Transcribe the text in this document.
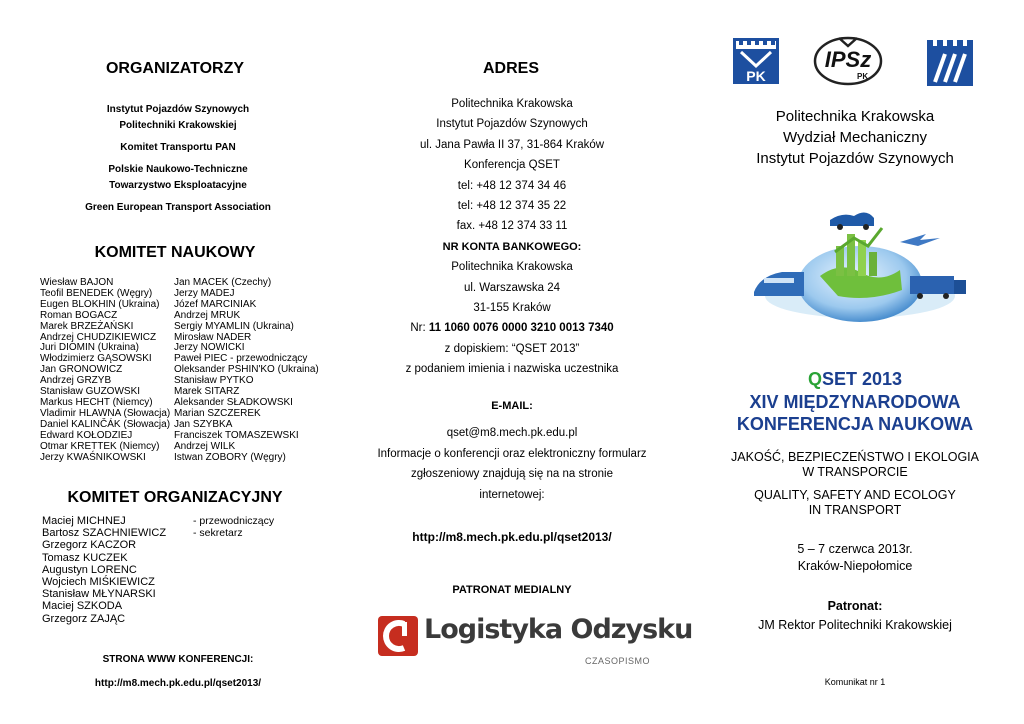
ORGANIZATORZY
Instytut Pojazdów Szynowych
Politechniki Krakowskiej
Komitet Transportu PAN
Polskie Naukowo-Techniczne
Towarzystwo Eksploatacyjne
Green European Transport Association
KOMITET NAUKOWY
Wiesław BAJON
Teofil BENEDEK (Węgry)
Eugen BLOKHIN (Ukraina)
Roman BOGACZ
Marek BRZEŻAŃSKI
Andrzej CHUDZIKIEWICZ
Juri DIOMIN (Ukraina)
Włodzimierz GĄSOWSKI
Jan GRONOWICZ
Andrzej GRZYB
Stanisław GUZOWSKI
Markus HECHT (Niemcy)
Vladimir HLAWNA (Słowacja)
Daniel KALINČÁK (Słowacja)
Edward KOŁODZIEJ
Otmar KRETTEK (Niemcy)
Jerzy KWAŚNIKOWSKI
Jan MACEK (Czechy)
Jerzy MADEJ
Józef MARCINIAK
Andrzej MRUK
Sergiy MYAMLIN (Ukraina)
Mirosław NADER
Jerzy NOWICKI
Paweł PIEC - przewodniczący
Oleksander PSHIN'KO (Ukraina)
Stanisław PYTKO
Marek SITARZ
Aleksander SŁADKOWSKI
Marian SZCZEREK
Jan SZYBKA
Franciszek TOMASZEWSKI
Andrzej WILK
Istwan ZOBORY (Węgry)
KOMITET ORGANIZACYJNY
Maciej MICHNEJ
Bartosz SZACHNIEWICZ
Grzegorz KACZOR
Tomasz KUCZEK
Augustyn LORENC
Wojciech MIŚKIEWICZ
Stanisław MŁYNARSKI
Maciej SZKODA
Grzegorz ZAJĄC
- przewodniczący
- sekretarz
STRONA WWW KONFERENCJI:
http://m8.mech.pk.edu.pl/qset2013/
ADRES
Politechnika Krakowska
Instytut Pojazdów Szynowych
ul. Jana Pawła II 37, 31-864 Kraków
Konferencja QSET
tel: +48 12 374 34 46
tel: +48 12 374 35 22
fax. +48 12 374 33 11
NR KONTA BANKOWEGO:
Politechnika Krakowska
ul. Warszawska 24
31-155 Kraków
Nr: 11 1060 0076 0000 3210 0013 7340
z dopiskiem: “QSET 2013”
z podaniem imienia i nazwiska uczestnika
E-MAIL:
qset@m8.mech.pk.edu.pl
Informacje o konferencji oraz elektroniczny formularz
zgłoszeniowy znajdują się na na stronie
internetowej:
http://m8.mech.pk.edu.pl/qset2013/
PATRONAT MEDIALNY
Logistyka Odzysku
CZASOPISMO
PK
IPSz
PK
Politechnika Krakowska
Wydział Mechaniczny
Instytut Pojazdów Szynowych
QSET 2013
XIV MIĘDZYNARODOWA
KONFERENCJA NAUKOWA
JAKOŚĆ, BEZPIECZEŃSTWO I EKOLOGIA
W TRANSPORCIE
QUALITY, SAFETY AND ECOLOGY
IN TRANSPORT
5 – 7 czerwca 2013r.
Kraków-Niepołomice
Patronat:
JM Rektor Politechniki Krakowskiej
Komunikat nr 1
